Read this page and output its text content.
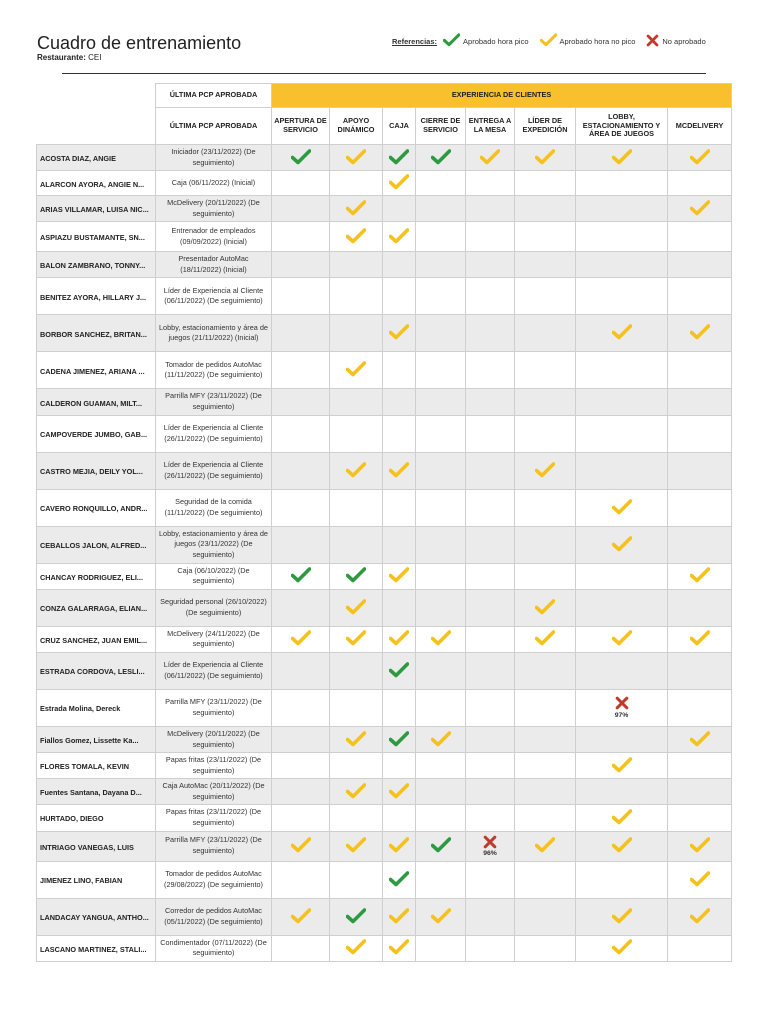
Cuadro de entrenamiento
Restaurante: CEI
Referencias:	Aprobado hora pico	Aprobado hora no pico	No aprobado
	ÚLTIMA PCP APROBADA	EXPERIENCIA DE CLIENTES							
	ÚLTIMA PCP APROBADA	APERTURA DE SERVICIO	APOYO DINÁMICO	CAJA	CIERRE DE SERVICIO	ENTREGA A LA MESA	LÍDER DE EXPEDICIÓN	LOBBY, ESTACIONAMIENTO Y ÁREA DE JUEGOS	MCDELIVERY
ACOSTA DIAZ, ANGIE	Iniciador (23/11/2022) (De seguimiento)								
ALARCON AYORA, ANGIE N...	Caja (06/11/2022) (Inicial)								
ARIAS VILLAMAR, LUISA NIC...	McDelivery (20/11/2022) (De seguimiento)								
ASPIAZU BUSTAMANTE, SN...	Entrenador de empleados (09/09/2022) (Inicial)								
BALON ZAMBRANO, TONNY...	Presentador AutoMac (18/11/2022) (Inicial)								
BENITEZ AYORA, HILLARY J...	Líder de Experiencia al Cliente (06/11/2022) (De seguimiento)								
BORBOR SANCHEZ, BRITAN...	Lobby, estacionamiento y área de juegos (21/11/2022) (Inicial)								
CADENA JIMENEZ, ARIANA ...	Tomador de pedidos AutoMac (11/11/2022) (De seguimiento)								
CALDERON GUAMAN, MILT...	Parrilla MFY (23/11/2022) (De seguimiento)								
CAMPOVERDE JUMBO, GAB...	Líder de Experiencia al Cliente (26/11/2022) (De seguimiento)								
CASTRO MEJIA, DEILY YOL...	Líder de Experiencia al Cliente (26/11/2022) (De seguimiento)								
CAVERO RONQUILLO, ANDR...	Seguridad de la comida (11/11/2022) (De seguimiento)								
CEBALLOS JALON, ALFRED...	Lobby, estacionamiento y área de juegos (23/11/2022) (De seguimiento)								
CHANCAY RODRIGUEZ, ELI...	Caja (06/10/2022) (De seguimiento)								
CONZA GALARRAGA, ELIAN...	Seguridad personal (26/10/2022) (De seguimiento)								
CRUZ SANCHEZ, JUAN EMIL...	McDelivery (24/11/2022) (De seguimiento)								
ESTRADA CORDOVA, LESLI...	Líder de Experiencia al Cliente (06/11/2022) (De seguimiento)								
Estrada Molina, Dereck	Parrilla MFY (23/11/2022) (De seguimiento)							97%	

Fiallos Gomez, Lissette Ka...	McDelivery (20/11/2022) (De seguimiento)								
FLORES TOMALA, KEVIN	Papas fritas (23/11/2022) (De seguimiento)								
Fuentes Santana, Dayana D...	Caja AutoMac (20/11/2022) (De seguimiento)								
HURTADO, DIEGO	Papas fritas (23/11/2022) (De seguimiento)								
INTRIAGO VANEGAS, LUIS	Parrilla MFY (23/11/2022) (De seguimiento)					96%

JIMENEZ LINO, FABIAN	Tomador de pedidos AutoMac (29/08/2022) (De seguimiento)								
LANDACAY YANGUA, ANTHO...	Corredor de pedidos AutoMac (05/11/2022) (De seguimiento)								
LASCANO MARTINEZ, STALI...	Condimentador (07/11/2022) (De seguimiento)								
